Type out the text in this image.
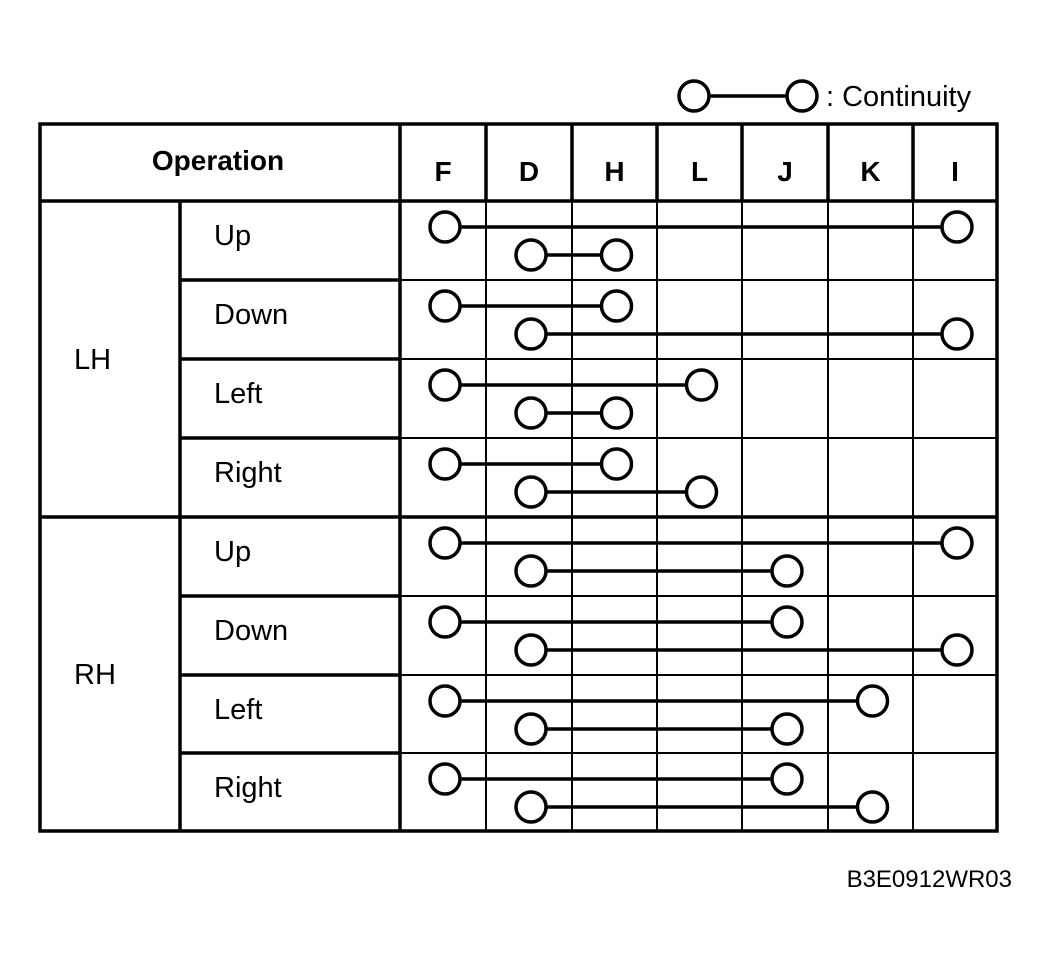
: Continuity
Operation	F D H L J K	I
LH
Up
Down
Left
Right
RH
Up
Down
Left
Right
B3E0912WR03
